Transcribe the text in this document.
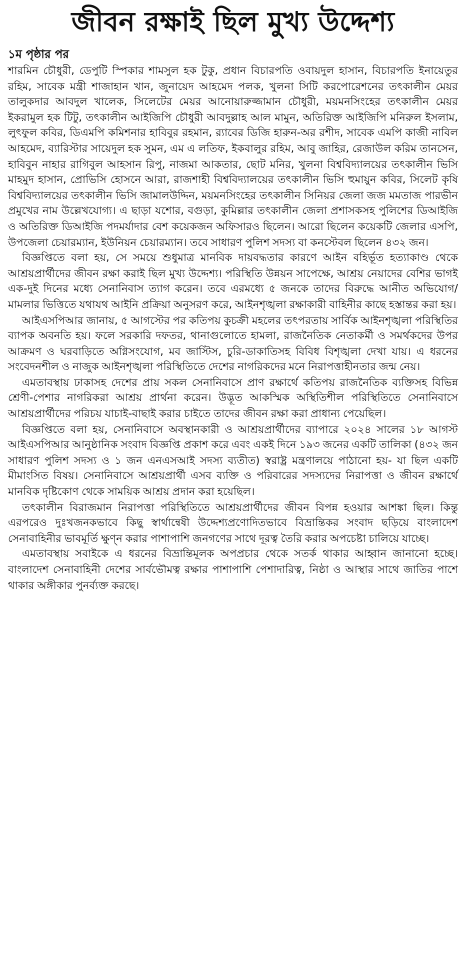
জীবন রক্ষাই ছিল মুখ্য উদ্দেশ্য
১ম পৃষ্ঠার পর

শারমিন চৌধুরী, ডেপুটি স্পিকার শামসুল হক টুকু, প্রধান বিচারপতি ওবায়দুল হাসান, বিচারপতি ইনায়েতুর রহিম, সাবেক মন্ত্রী শাজাহান খান, জুনায়েদ আহমেদ পলক, খুলনা সিটি করপোরেশনের তৎকালীন মেয়র তালুকদার আবদুল খালেক, সিলেটের মেয়র আনোয়ারুজ্জামান চৌধুরী, ময়মনসিংহের তৎকালীন মেয়র ইকরামুল হক টিটু, তৎকালীন আইজিপি চৌধুরী আবদুল্লাহ আল মামুন, অতিরিক্ত আইজিপি মনিরুল ইসলাম, লুৎফুল কবির, ডিএমপি কমিশনার হাবিবুর রহমান, র‍্যাবের ডিজি হারুন-অর রশীদ, সাবেক এমপি কাজী নাবিল আহমেদ, ব্যারিস্টার সায়েদুল হক সুমন, এম এ লতিফ, ইকবালুর রহিম, আবু জাহির, রেজাউল করিম তানসেন, হাবিবুন নাহার রাগিবুল আহসান রিপু, নাজমা আকতার, ছোট মনির, খুলনা বিশ্ববিদ্যালয়ের তৎকালীন ভিসি মাহমুদ হাসান, প্রোভিসি হোসনে আরা, রাজশাহী বিশ্ববিদ্যালয়ের তৎকালীন ভিসি হুমায়ুন কবির, সিলেট কৃষি বিশ্ববিদ্যালয়ের তৎকালীন ভিসি জামালউদ্দিন, ময়মনসিংহের তৎকালীন সিনিয়র জেলা জজ মমতাজ পারভীন প্রমুখের নাম উল্লেখযোগ্য। এ ছাড়া যশোর, বগুড়া, কুমিল্লার তৎকালীন জেলা প্রশাসকসহ পুলিশের ডিআইজি ও অতিরিক্ত ডিআইজি পদমর্যাদার বেশ কয়েকজন অফিসারও ছিলেন। আরো ছিলেন কয়েকটি জেলার এসপি, উপজেলা চেয়ারম্যান, ইউনিয়ন চেয়ারম্যান। তবে সাধারণ পুলিশ সদস্য বা কনস্টেবল ছিলেন ৪৩২ জন।

বিজ্ঞপ্তিতে বলা হয়, সে সময়ে শুধুমাত্র মানবিক দায়বদ্ধতার কারণে আইন বহির্ভূত হত্যাকাণ্ড থেকে আশ্রয়প্রার্থীদের জীবন রক্ষা করাই ছিল মুখ্য উদ্দেশ্য। পরিস্থিতি উন্নয়ন সাপেক্ষে, আশ্রয় নেয়াদের বেশির ভাগই এক-দুই দিনের মধ্যে সেনানিবাস ত্যাগ করেন। তবে এরমধ্যে ৫ জনকে তাদের বিরুদ্ধে আনীত অভিযোগ/মামলার ভিত্তিতে যথাযথ আইনি প্রক্রিয়া অনুসরণ করে, আইনশৃঙ্খলা রক্ষাকারী বাহিনীর কাছে হস্তান্তর করা হয়।

আইএসপিআর জানায়, ৫ আগস্টের পর কতিপয় কুচক্রী মহলের তৎপরতায় সার্বিক আইনশৃঙ্খলা পরিস্থিতির ব্যাপক অবনতি হয়। ফলে সরকারি দফতর, থানাগুলোতে হামলা, রাজনৈতিক নেতাকর্মী ও সমর্থকদের উপর আক্রমণ ও ঘরবাড়িতে অগ্নিসংযোগ, মব জাস্টিস, চুরি-ডাকাতিসহ বিবিধ বিশৃঙ্খলা দেখা যায়। এ ধরনের সংবেদনশীল ও নাজুক আইনশৃঙ্খলা পরিস্থিতিতে দেশের নাগরিকদের মনে নিরাপত্তাহীনতার জন্ম নেয়।

এমতাবস্থায় ঢাকাসহ দেশের প্রায় সকল সেনানিবাসে প্রাণ রক্ষার্থে কতিপয় রাজনৈতিক ব্যক্তিসহ বিভিন্ন শ্রেণী-পেশার নাগরিকরা আশ্রয় প্রার্থনা করেন। উদ্ভূত আকস্মিক অস্থিতিশীল পরিস্থিতিতে সেনানিবাসে আশ্রয়প্রার্থীদের পরিচয় যাচাই-বাছাই করার চাইতে তাদের জীবন রক্ষা করা প্রাধান্য পেয়েছিল।

বিজ্ঞপ্তিতে বলা হয়, সেনানিবাসে অবস্থানকারী ও আশ্রয়প্রার্থীদের ব্যাপারে ২০২৪ সালের ১৮ আগস্ট আইএসপিআর আনুষ্ঠানিক সংবাদ বিজ্ঞপ্তি প্রকাশ করে এবং একই দিনে ১৯৩ জনের একটি তালিকা (৪৩২ জন সাধারণ পুলিশ সদস্য ও ১ জন এনএসআই সদস্য ব্যতীত) স্বরাষ্ট্র মন্ত্রণালয়ে পাঠানো হয়- যা ছিল একটি মীমাংসিত বিষয়। সেনানিবাসে আশ্রয়প্রার্থী এসব ব্যক্তি ও পরিবারের সদস্যদের নিরাপত্তা ও জীবন রক্ষার্থে মানবিক দৃষ্টিকোণ থেকে সাময়িক আশ্রয় প্রদান করা হয়েছিল।

তৎকালীন বিরাজমান নিরাপত্তা পরিস্থিতিতে আশ্রয়প্রার্থীদের জীবন বিপন্ন হওয়ার আশঙ্কা ছিল। কিন্তু এরপরেও দুঃখজনকভাবে কিছু স্বার্থান্বেষী উদ্দেশ্যপ্রণোদিতভাবে বিভ্রান্তিকর সংবাদ ছড়িয়ে বাংলাদেশ সেনাবাহিনীর ভাবমূর্তি ক্ষুণ্ন করার পাশাপাশি জনগণের সাথে দূরত্ব তৈরি করার অপচেষ্টা চালিয়ে যাচ্ছে।

এমতাবস্থায় সবাইকে এ ধরনের বিভ্রান্তিমূলক অপপ্রচার থেকে সতর্ক থাকার আহ্বান জানানো হচ্ছে। বাংলাদেশ সেনাবাহিনী দেশের সার্বভৌমত্ব রক্ষার পাশাপাশি পেশাদারিত্ব, নিষ্ঠা ও আস্থার সাথে জাতির পাশে থাকার অঙ্গীকার পুনর্ব্যক্ত করছে।
